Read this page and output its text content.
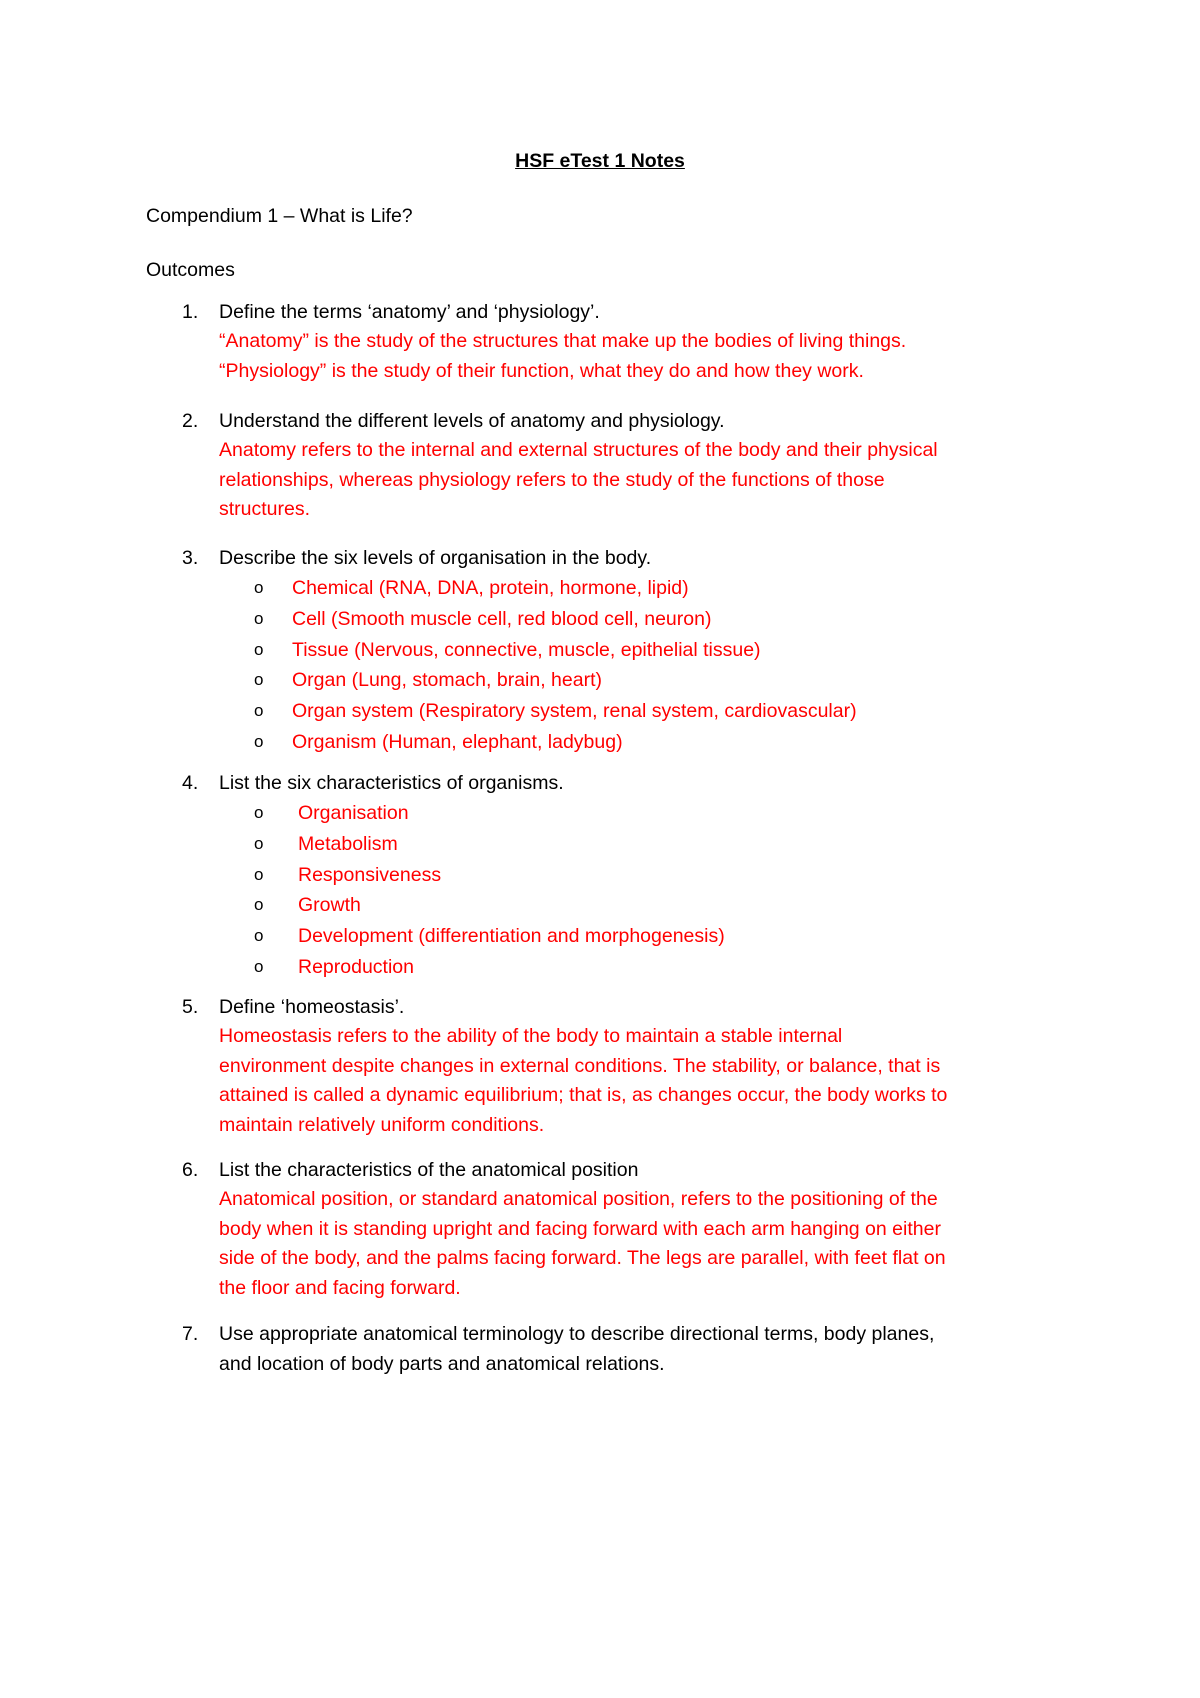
HSF eTest 1 Notes
Compendium 1 – What is Life?
Outcomes
1. Define the terms ‘anatomy’ and ‘physiology’.
“Anatomy” is the study of the structures that make up the bodies of living things.
“Physiology” is the study of their function, what they do and how they work.
2. Understand the different levels of anatomy and physiology.
Anatomy refers to the internal and external structures of the body and their physical
relationships, whereas physiology refers to the study of the functions of those
structures.
3. Describe the six levels of organisation in the body.
o Chemical (RNA, DNA, protein, hormone, lipid)
o Cell (Smooth muscle cell, red blood cell, neuron)
o Tissue (Nervous, connective, muscle, epithelial tissue)
o Organ (Lung, stomach, brain, heart)
o Organ system (Respiratory system, renal system, cardiovascular)
o Organism (Human, elephant, ladybug)
4. List the six characteristics of organisms.
o Organisation
o Metabolism
o Responsiveness
o Growth
o Development (differentiation and morphogenesis)
o Reproduction
5. Define ‘homeostasis’.
Homeostasis refers to the ability of the body to maintain a stable internal
environment despite changes in external conditions. The stability, or balance, that is
attained is called a dynamic equilibrium; that is, as changes occur, the body works to
maintain relatively uniform conditions.
6. List the characteristics of the anatomical position
Anatomical position, or standard anatomical position, refers to the positioning of the
body when it is standing upright and facing forward with each arm hanging on either
side of the body, and the palms facing forward. The legs are parallel, with feet flat on
the floor and facing forward.
7. Use appropriate anatomical terminology to describe directional terms, body planes,
and location of body parts and anatomical relations.
